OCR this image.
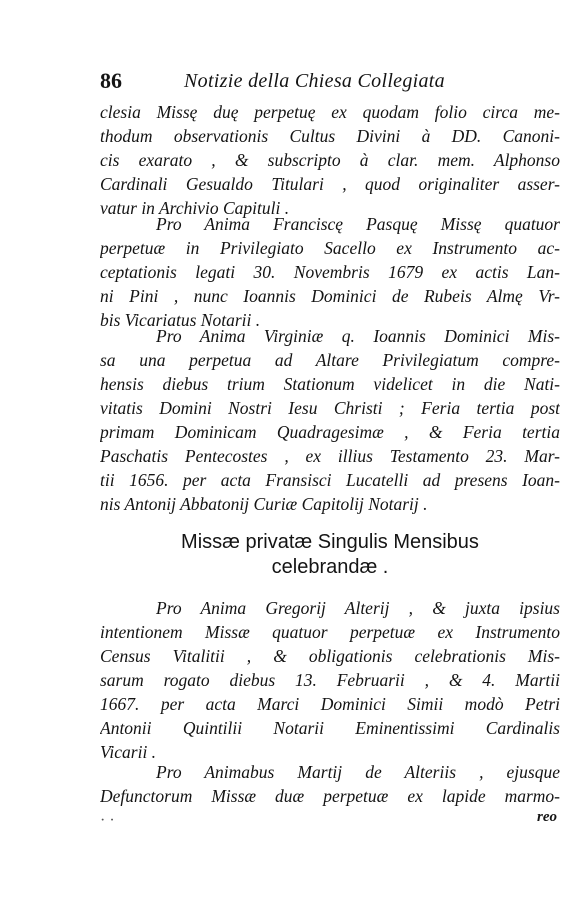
86	Notizie della Chiesa Collegiata
clesia Missę duę perpetuę ex quodam folio circa me-
thodum observationis Cultus Divini à DD. Canoni-
cis exarato , & subscripto à clar. mem. Alphonso
Cardinali Gesualdo Titulari , quod originaliter asser-
vatur in Archivio Capituli .
Pro Anima Franciscę Pasquę Missę quatuor
perpetuæ in Privilegiato Sacello ex Instrumento ac-
ceptationis legati 30. Novembris 1679 ex actis Lan-
ni Pini , nunc Ioannis Dominici de Rubeis Almę Vr-
bis Vicariatus Notarii .
Pro Anima Virginiæ q. Ioannis Dominici Mis-
sa una perpetua ad Altare Privilegiatum compre-
hensis diebus trium Stationum videlicet in die Nati-
vitatis Domini Nostri Iesu Christi ; Feria tertia post
primam Dominicam Quadragesimæ , & Feria tertia
Paschatis Pentecostes , ex illius Testamento 23. Mar-
tii 1656. per acta Fransisci Lucatelli ad presens Ioan-
nis Antonij Abbatonij Curiæ Capitolij Notarij .
Missæ privatæ Singulis Mensibus
celebrandæ .
Pro Anima Gregorij Alterij , & juxta ipsius
intentionem Missæ quatuor perpetuæ ex Instrumento
Census Vitalitii , & obligationis celebrationis Mis-
sarum rogato diebus 13. Februarii , & 4. Martii
1667. per acta Marci Dominici Simii modò Petri
Antonii Quintilii Notarii Eminentissimi Cardinalis
Vicarii .
Pro Animabus Martij de Alteriis , ejusque
Defunctorum Missæ duæ perpetuæ ex lapide marmo-
· ·	reo
